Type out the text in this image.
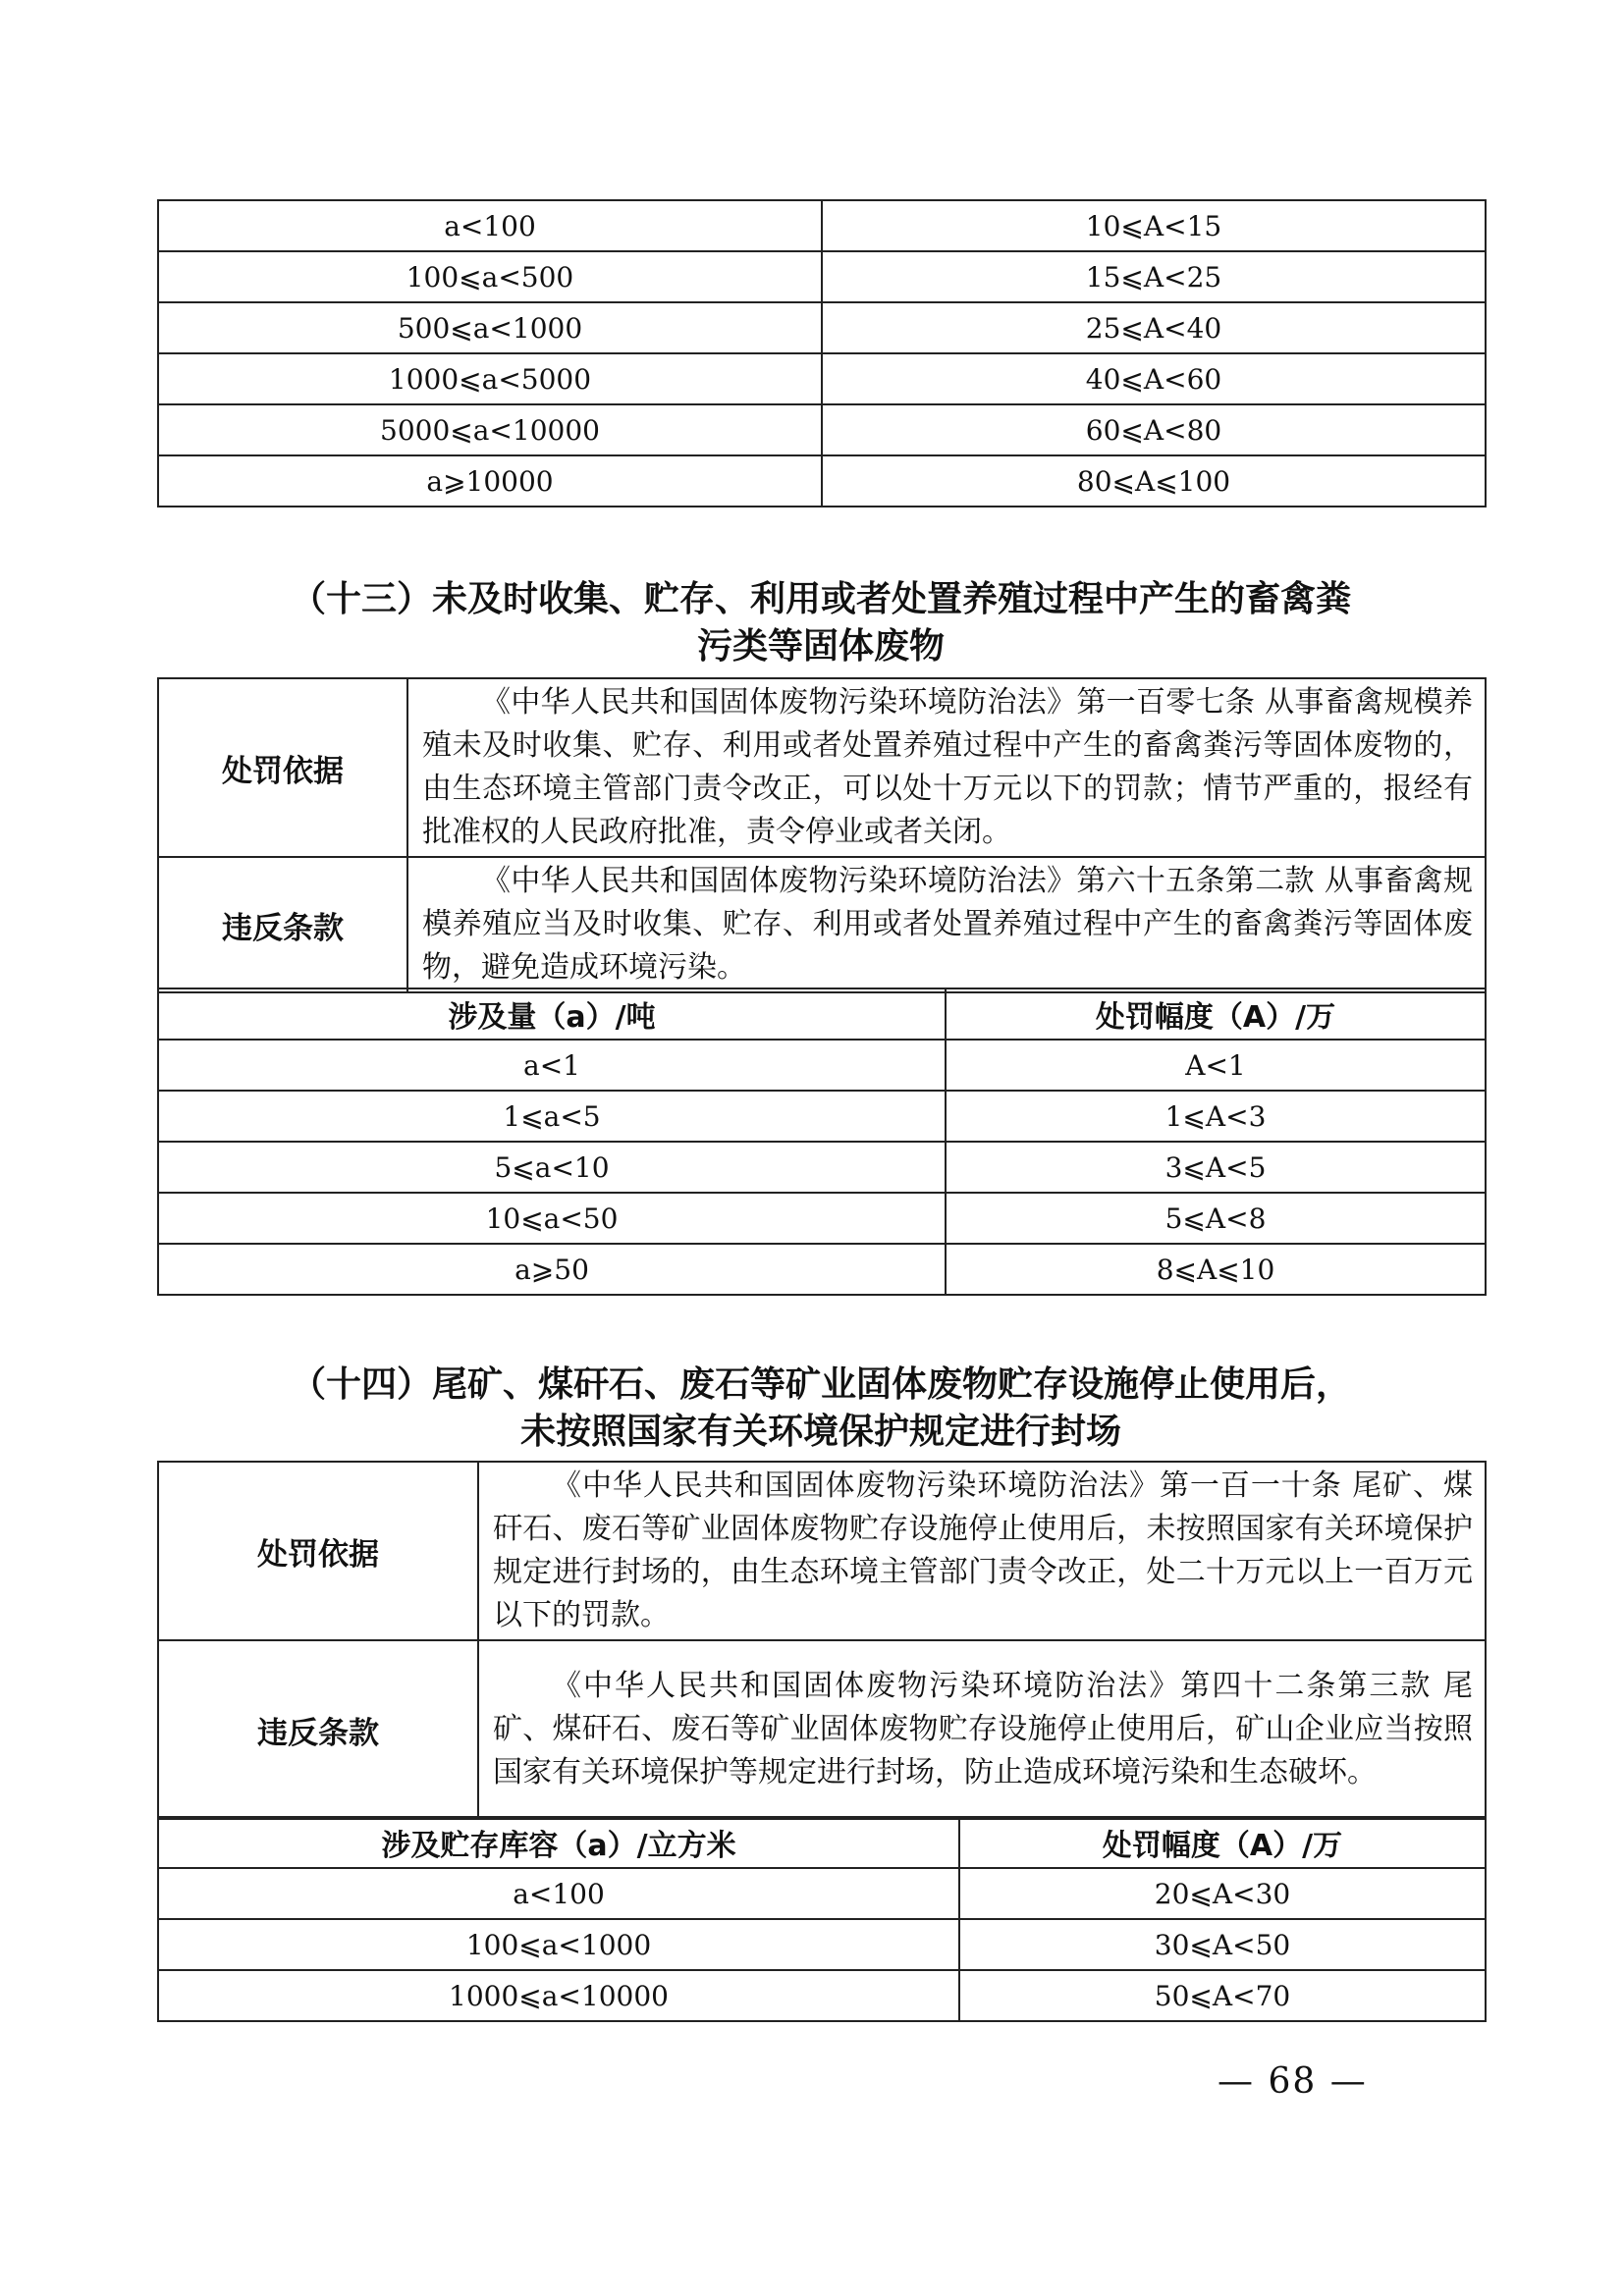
a<100	10⩽A<15
100⩽a<500	15⩽A<25
500⩽a<1000	25⩽A<40
1000⩽a<5000	40⩽A<60
5000⩽a<10000	60⩽A<80
a⩾10000	80⩽A⩽100
（十三）未及时收集、贮存、利用或者处置养殖过程中产生的畜禽粪
污类等固体废物
处罚依据	《中华人民共和国固体废物污染环境防治法》第一百零七条 从事畜禽规模养殖未及时收集、贮存、利用或者处置养殖过程中产生的畜禽粪污等固体废物的，由生态环境主管部门责令改正，可以处十万元以下的罚款；情节严重的，报经有批准权的人民政府批准，责令停业或者关闭。
违反条款	《中华人民共和国固体废物污染环境防治法》第六十五条第二款 从事畜禽规模养殖应当及时收集、贮存、利用或者处置养殖过程中产生的畜禽粪污等固体废物，避免造成环境污染。
涉及量（a）/吨	处罚幅度（A）/万
a<1	A<1
1⩽a<5	1⩽A<3
5⩽a<10	3⩽A<5
10⩽a<50	5⩽A<8
a⩾50	8⩽A⩽10
（十四）尾矿、煤矸石、废石等矿业固体废物贮存设施停止使用后，
未按照国家有关环境保护规定进行封场
处罚依据	《中华人民共和国固体废物污染环境防治法》第一百一十条 尾矿、煤矸石、废石等矿业固体废物贮存设施停止使用后，未按照国家有关环境保护规定进行封场的，由生态环境主管部门责令改正，处二十万元以上一百万元以下的罚款。
违反条款	《中华人民共和国固体废物污染环境防治法》第四十二条第三款 尾矿、煤矸石、废石等矿业固体废物贮存设施停止使用后，矿山企业应当按照国家有关环境保护等规定进行封场，防止造成环境污染和生态破坏。
涉及贮存库容（a）/立方米	处罚幅度（A）/万
a<100	20⩽A<30
100⩽a<1000	30⩽A<50
1000⩽a<10000	50⩽A<70
— 68 —
